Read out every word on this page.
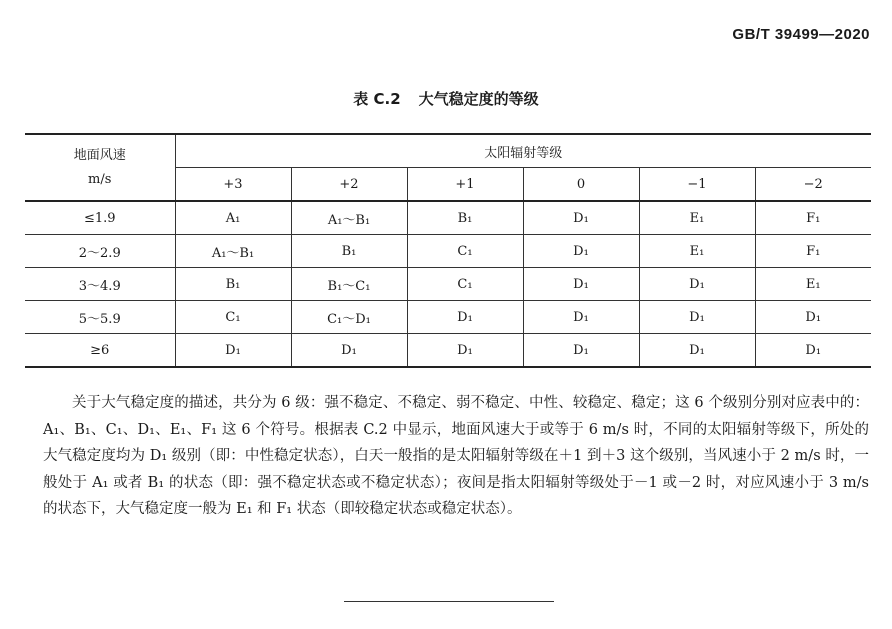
GB/T 39499—2020
表 C.2 大气稳定度的等级
地面风速
m/s	太阳辐射等级					
	+3	+2	+1	0	−1	−2
≤1.9	A₁	A₁～B₁	B₁	D₁	E₁	F₁
2～2.9	A₁～B₁	B₁	C₁	D₁	E₁	F₁
3～4.9	B₁	B₁～C₁	C₁	D₁	D₁	E₁
5～5.9	C₁	C₁～D₁	D₁	D₁	D₁	D₁
≥6	D₁	D₁	D₁	D₁	D₁	D₁

关于大气稳定度的描述，共分为 6 级：强不稳定、不稳定、弱不稳定、中性、较稳定、稳定；这 6 个级别分别对应表中的：A₁、B₁、C₁、D₁、E₁、F₁ 这 6 个符号。根据表 C.2 中显示，地面风速大于或等于 6 m/s 时，不同的太阳辐射等级下，所处的大气稳定度均为 D₁ 级别（即：中性稳定状态），白天一般指的是太阳辐射等级在＋1 到＋3 这个级别，当风速小于 2 m/s 时，一般处于 A₁ 或者 B₁ 的状态（即：强不稳定状态或不稳定状态）；夜间是指太阳辐射等级处于－1 或－2 时，对应风速小于 3 m/s 的状态下，大气稳定度一般为 E₁ 和 F₁ 状态（即较稳定状态或稳定状态）。
